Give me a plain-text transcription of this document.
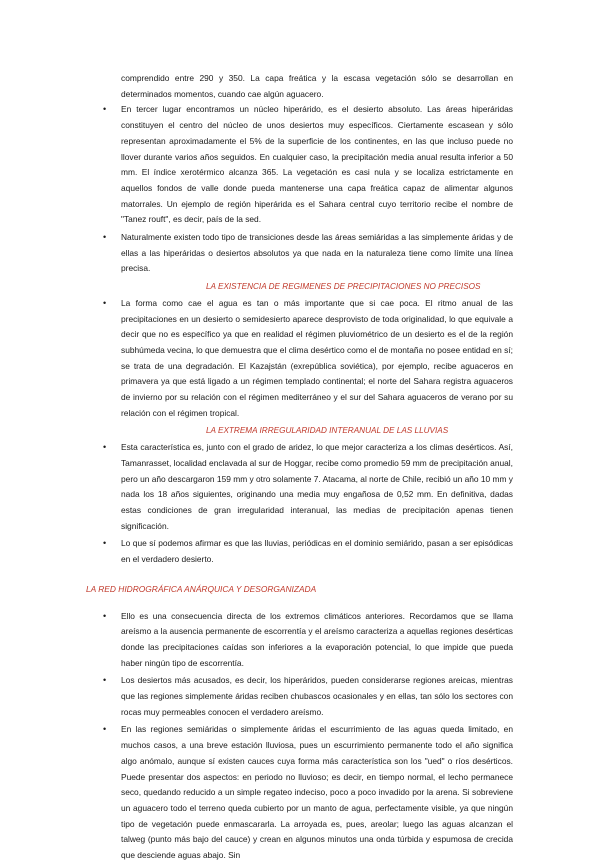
comprendido entre 290 y 350. La capa freática y la escasa vegetación sólo se desarrollan en determinados momentos, cuando cae algún aguacero.

• En tercer lugar encontramos un núcleo hiperárido, es el desierto absoluto. Las áreas hiperáridas constituyen el centro del núcleo de unos desiertos muy específicos. Ciertamente escasean y sólo representan aproximadamente el 5% de la superficie de los continentes, en las que incluso puede no llover durante varios años seguidos. En cualquier caso, la precipitación media anual resulta inferior a 50 mm. El índice xerotérmico alcanza 365. La vegetación es casi nula y se localiza estrictamente en aquellos fondos de valle donde pueda mantenerse una capa freática capaz de alimentar algunos matorrales. Un ejemplo de región hiperárida es el Sahara central cuyo territorio recibe el nombre de "Tanez rouft", es decir, país de la sed.
• Naturalmente existen todo tipo de transiciones desde las áreas semiáridas a las simplemente áridas y de ellas a las hiperáridas o desiertos absolutos ya que nada en la naturaleza tiene como límite una línea precisa.

LA EXISTENCIA DE REGIMENES DE PRECIPITACIONES NO PRECISOS

• La forma como cae el agua es tan o más importante que si cae poca. El ritmo anual de las precipitaciones en un desierto o semidesierto aparece desprovisto de toda originalidad, lo que equivale a decir que no es específico ya que en realidad el régimen pluviométrico de un desierto es el de la región subhúmeda vecina, lo que demuestra que el clima desértico como el de montaña no posee entidad en sí; se trata de una degradación. El Kazajstán (exrepública soviética), por ejemplo, recibe aguaceros en primavera ya que está ligado a un régimen templado continental; el norte del Sahara registra aguaceros de invierno por su relación con el régimen mediterráneo y el sur del Sahara aguaceros de verano por su relación con el régimen tropical.

LA EXTREMA IRREGULARIDAD INTERANUAL DE LAS LLUVIAS

• Esta característica es, junto con el grado de aridez, lo que mejor caracteriza a los climas desérticos. Así, Tamanrasset, localidad enclavada al sur de Hoggar, recibe como promedio 59 mm de precipitación anual, pero un año descargaron 159 mm y otro solamente 7. Atacama, al norte de Chile, recibió un año 10 mm y nada los 18 años siguientes, originando una media muy engañosa de 0,52 mm. En definitiva, dadas estas condiciones de gran irregularidad interanual, las medias de precipitación apenas tienen significación.
• Lo que sí podemos afirmar es que las lluvias, periódicas en el dominio semiárido, pasan a ser episódicas en el verdadero desierto.

LA RED HIDROGRÁFICA ANÁRQUICA Y DESORGANIZADA

• Ello es una consecuencia directa de los extremos climáticos anteriores. Recordamos que se llama areísmo a la ausencia permanente de escorrentía y el areísmo caracteriza a aquellas regiones desérticas donde las precipitaciones caídas son inferiores a la evaporación potencial, lo que impide que pueda haber ningún tipo de escorrentía.
• Los desiertos más acusados, es decir, los hiperáridos, pueden considerarse regiones areicas, mientras que las regiones simplemente áridas reciben chubascos ocasionales y en ellas, tan sólo los sectores con rocas muy permeables conocen el verdadero areísmo.
• En las regiones semiáridas o simplemente áridas el escurrimiento de las aguas queda limitado, en muchos casos, a una breve estación lluviosa, pues un escurrimiento permanente todo el año significa algo anómalo, aunque sí existen cauces cuya forma más característica son los "ued" o ríos desérticos. Puede presentar dos aspectos: en periodo no lluvioso; es decir, en tiempo normal, el lecho permanece seco, quedando reducido a un simple regateo indeciso, poco a poco invadido por la arena. Si sobreviene un aguacero todo el terreno queda cubierto por un manto de agua, perfectamente visible, ya que ningún tipo de vegetación puede enmascararla. La arroyada es, pues, areolar; luego las aguas alcanzan el talweg (punto más bajo del cauce) y crean en algunos minutos una onda túrbida y espumosa de crecida que desciende aguas abajo. Sin
